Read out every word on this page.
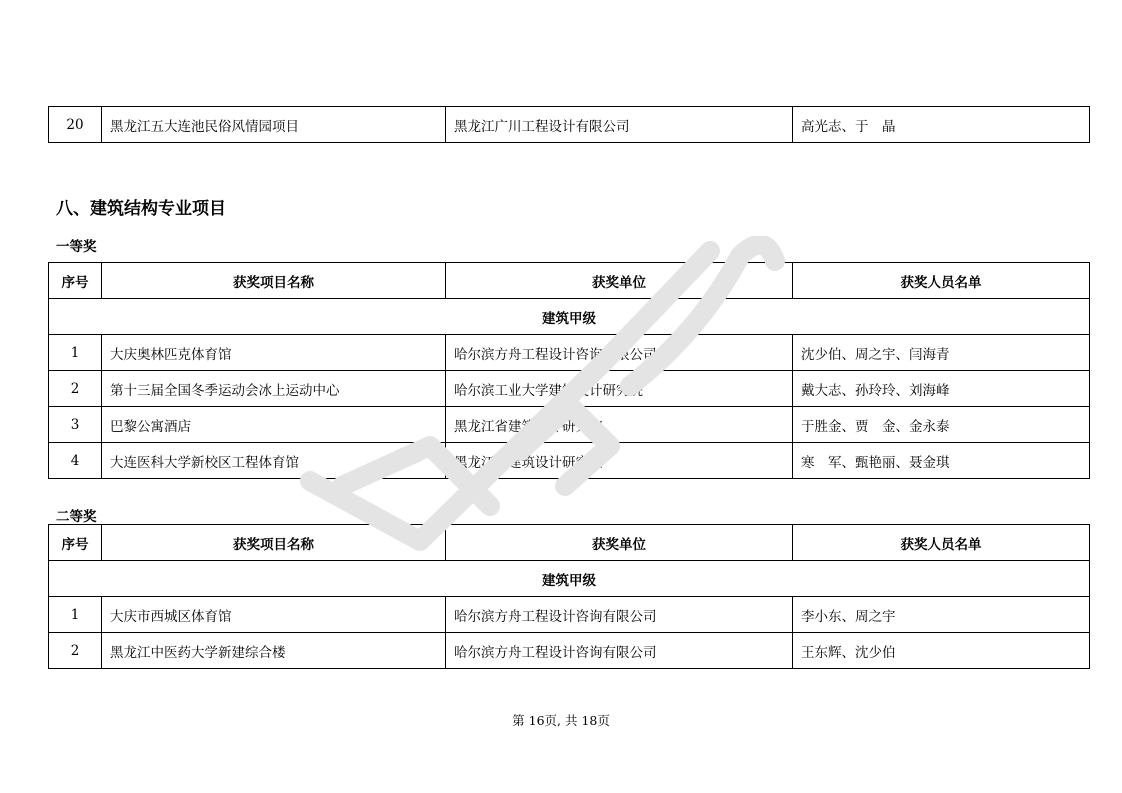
20	黑龙江五大连池民俗风情园项目	黑龙江广川工程设计有限公司	高光志、于　晶
八、建筑结构专业项目
一等奖
序号	获奖项目名称	获奖单位	获奖人员名单
建筑甲级			
1	大庆奥林匹克体育馆	哈尔滨方舟工程设计咨询有限公司	沈少伯、周之宇、闫海青
2	第十三届全国冬季运动会冰上运动中心	哈尔滨工业大学建筑设计研究院	戴大志、孙玲玲、刘海峰
3	巴黎公寓酒店	黑龙江省建筑设计研究院	于胜金、贾　金、金永泰
4	大连医科大学新校区工程体育馆	黑龙江省建筑设计研究院	寒　军、甄艳丽、聂金琪
二等奖
序号	获奖项目名称	获奖单位	获奖人员名单
建筑甲级			
1	大庆市西城区体育馆	哈尔滨方舟工程设计咨询有限公司	李小东、周之宇
2	黑龙江中医药大学新建综合楼	哈尔滨方舟工程设计咨询有限公司	王东辉、沈少伯
第 16页, 共 18页
